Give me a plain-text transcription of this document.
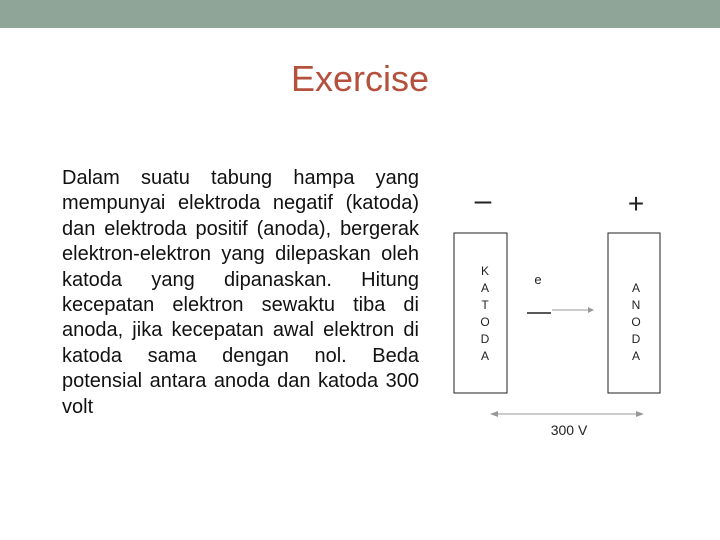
Exercise
Dalam suatu tabung hampa yang mempunyai elektroda negatif (katoda) dan elektroda positif (anoda), bergerak elektron-elektron yang dilepaskan oleh katoda yang dipanaskan. Hitung kecepatan elektron sewaktu tiba di anoda, jika kecepatan awal elektron di katoda sama dengan nol. Beda potensial antara anoda dan katoda 300 volt
–	+
K
A
T
O
D
A
A
N
O
D
A
e
300 V
